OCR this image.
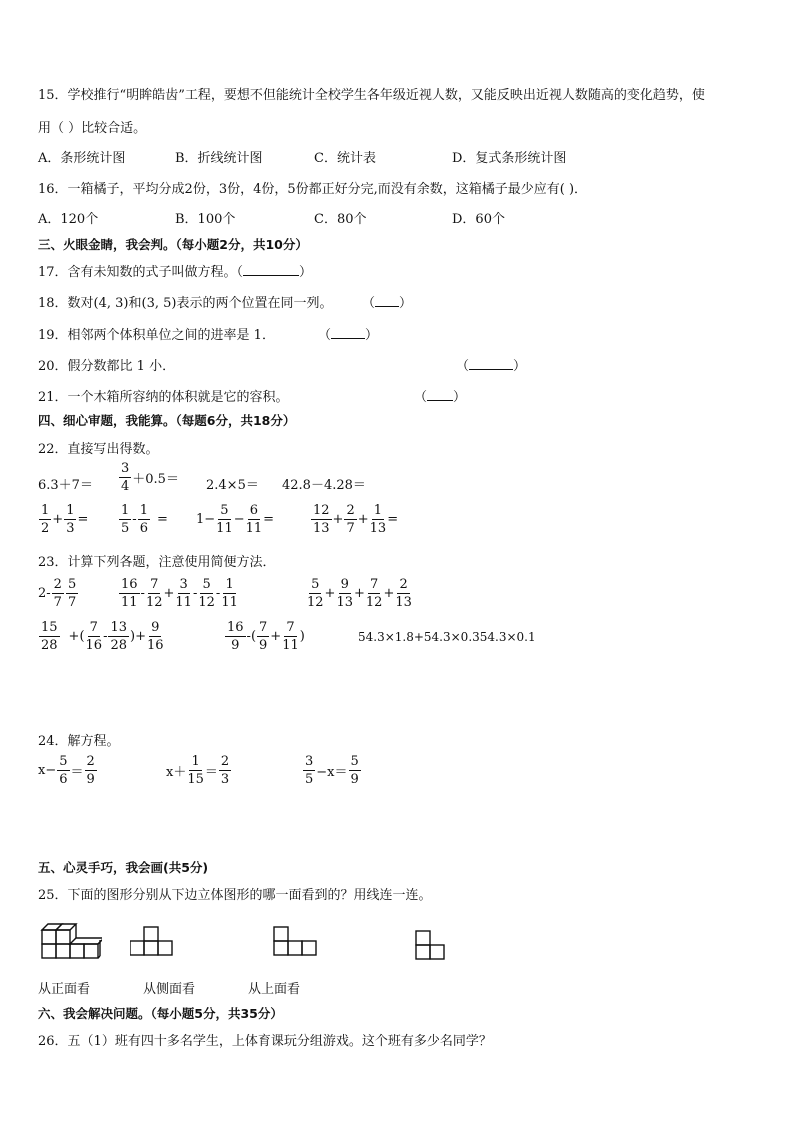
15．学校推行“明眸皓齿”工程，要想不但能统计全校学生各年级近视人数，又能反映出近视人数随高的变化趋势，使
用（ ）比较合适。
A．条形统计图	B．折线统计图	C．统计表	D．复式条形统计图
16．一箱橘子，平均分成2份，3份，4份，5份都正好分完,而没有余数，这箱橘子最少应有( )．
A．120个	B．100个	C．80个	D．60个
三、火眼金睛，我会判。（每小题2分，共10分）
17．含有未知数的式子叫做方程。（	）
18．数对(4, 3)和(3, 5)表示的两个位置在同一列。 （ ）
19．相邻两个体积单位之间的进率是 1．	（	）
20．假分数都比 1 小．	（	）
21．一个木箱所容纳的体积就是它的容积。	（ ）
四、细心审题，我能算。（每题6分，共18分）
22．直接写出得数。
$6.3+7= \frac{3}{4} +0.5= 2.4\times 5= 42.8-4.28=$
$\frac{1}{2} + \frac{1}{3} = \frac{1}{5} - \frac{1}{6} = 1- \frac{5}{11} - \frac{6}{11}$ =	$\frac{12}{13} + \frac{2}{7} + \frac{1}{13}$ =
23．计算下列各题，注意使用简便方法．
$2- \frac{2}{7} \frac{5}{7}$	$\frac{16}{11} - \frac{7}{12} + \frac{3}{11} - \frac{5}{12} - \frac{1}{11}$	$\frac{5}{12} + \frac{9}{13} + \frac{7}{12} + \frac{2}{13}$
$\frac{15}{28}$ +( $\frac{7}{16} - \frac{13}{28}$ )+ $\frac{9}{16}$	$\frac{16}{9}$ -( $\frac{7}{9} + \frac{7}{11}$ )	54.3×1.8+54.3×0.354.3×0.1
24．解方程。
$x- \frac{5}{6} = \frac{2}{9}$	$x+ \frac{1}{15} = \frac{2}{3}$	$\frac{3}{5} -x= \frac{5}{9}$
五、心灵手巧，我会画(共5分)
25．下面的图形分别从下边立体图形的哪一面看到的？用线连一连。
从正面看	从侧面看	从上面看
六、我会解决问题。（每小题5分，共35分）
26．五（1）班有四十多名学生，上体育课玩分组游戏。这个班有多少名同学？
